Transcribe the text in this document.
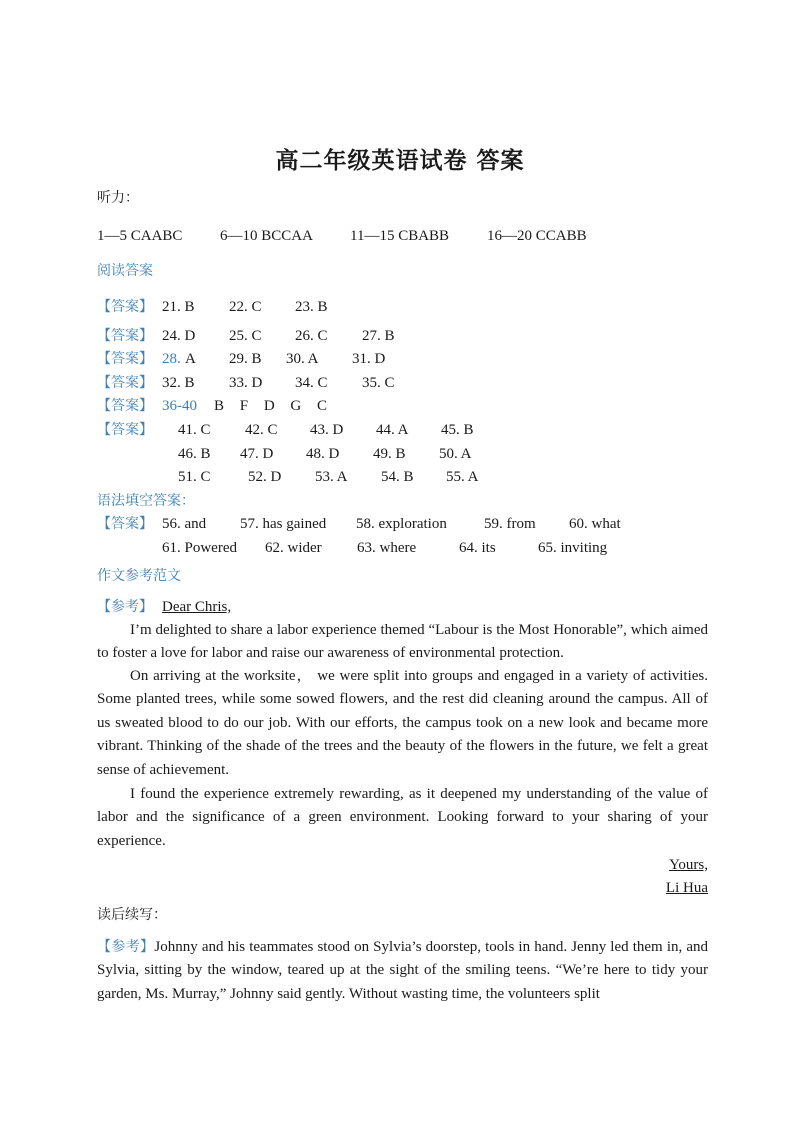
高二年级英语试卷 答案
听力：
1—5 CAABC	6—10 BCCAA 11—15 CBABB	16—20 CCABB
阅读答案
【答案】 21. B 22. C 23. B
【答案】 24. D 25. C 26. C 27. B
【答案】 28. A 29. B 30. A 31. D
【答案】 32. B 33. D 34. C 35. C
【答案】 36-40 B F D G C
【答案】 41. C 42. C 43. D 44. A 45. B
46. B 47. D 48. D 49. B 50. A
51. C 52. D 53. A 54. B 55. A
语法填空答案：
【答案】 56. and 57. has gained 58. exploration 59. from 60. what
61. Powered 62. wider 63. where	64. its	65. inviting
作文参考范文
【参考】 Dear Chris,
I’m delighted to share a labor experience themed “Labour is the Most Honorable”, which aimed to foster a love for labor and raise our awareness of environmental protection.
On arriving at the worksite， we were split into groups and engaged in a variety of activities. Some planted trees, while some sowed flowers, and the rest did cleaning around the campus. All of us sweated blood to do our job. With our efforts, the campus took on a new look and became more vibrant. Thinking of the shade of the trees and the beauty of the flowers in the future, we felt a great sense of achievement.
I found the experience extremely rewarding, as it deepened my understanding of the value of labor and the significance of a green environment. Looking forward to your sharing of your experience.
Yours,
Li Hua
读后续写：
【参考】Johnny and his teammates stood on Sylvia’s doorstep, tools in hand. Jenny led them in, and Sylvia, sitting by the window, teared up at the sight of the smiling teens. “We’re here to tidy your garden, Ms. Murray,” Johnny said gently. Without wasting time, the volunteers split
